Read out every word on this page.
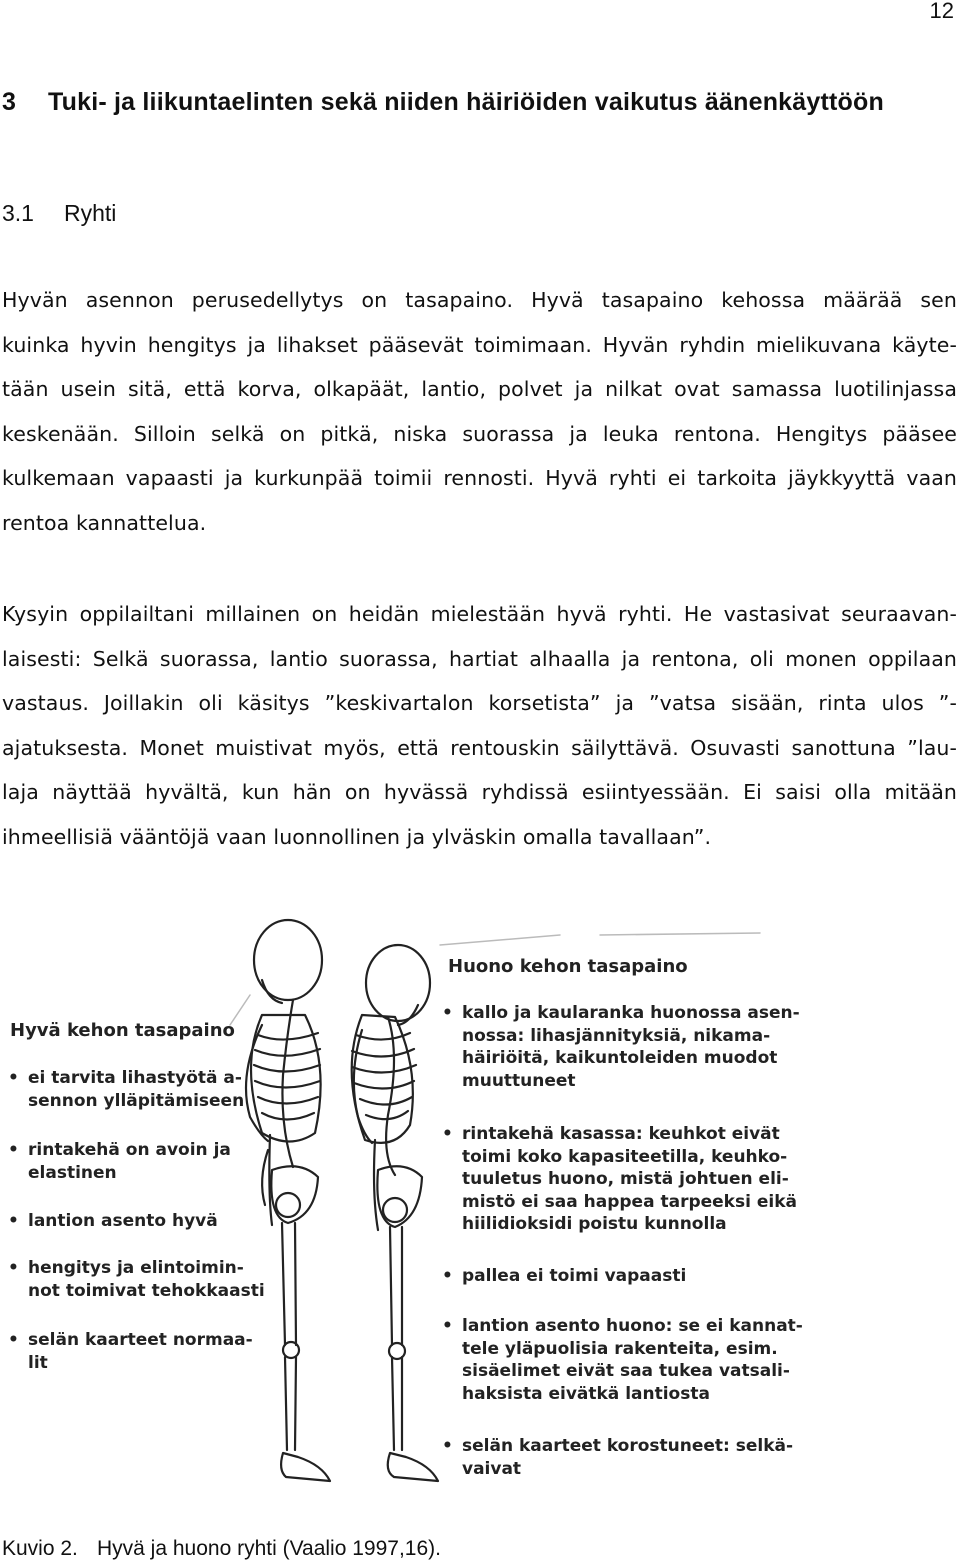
12
3 Tuki- ja liikuntaelinten sekä niiden häiriöiden vaikutus äänenkäyttöön
3.1 Ryhti
Hyvän asennon perusedellytys on tasapaino. Hyvä tasapaino kehossa määrää sen
kuinka hyvin hengitys ja lihakset pääsevät toimimaan. Hyvän ryhdin mielikuvana käyte-
tään usein sitä, että korva, olkapäät, lantio, polvet ja nilkat ovat samassa luotilinjassa
keskenään. Silloin selkä on pitkä, niska suorassa ja leuka rentona. Hengitys pääsee
kulkemaan vapaasti ja kurkunpää toimii rennosti. Hyvä ryhti ei tarkoita jäykkyyttä vaan
rentoa kannattelua.
Kysyin oppilailtani millainen on heidän mielestään hyvä ryhti. He vastasivat seuraavan-
laisesti: Selkä suorassa, lantio suorassa, hartiat alhaalla ja rentona, oli monen oppilaan
vastaus. Joillakin oli käsitys ”keskivartalon korsetista” ja ”vatsa sisään, rinta ulos ”-
ajatuksesta. Monet muistivat myös, että rentouskin säilyttävä. Osuvasti sanottuna ”lau-
laja näyttää hyvältä, kun hän on hyvässä ryhdissä esiintyessään. Ei saisi olla mitään
ihmeellisiä vääntöjä vaan luonnollinen ja ylväskin omalla tavallaan”.
Hyvä kehon tasapaino
• ei tarvita lihastyötä a-
sennon ylläpitämiseen
• rintakehä on avoin ja
elastinen
• lantion asento hyvä
• hengitys ja elintoimin-
not toimivat tehokkaasti
• selän kaarteet normaa-
lit
Huono kehon tasapaino
• kallo ja kaularanka huonossa asen-
nossa: lihasjännityksiä, nikama-
häiriöitä, kaikuntoleiden muodot
muuttuneet
• rintakehä kasassa: keuhkot eivät
toimi koko kapasiteetilla, keuhko-
tuuletus huono, mistä johtuen eli-
mistö ei saa happea tarpeeksi eikä
hiilidioksidi poistu kunnolla
• pallea ei toimi vapaasti
• lantion asento huono: se ei kannat-
tele yläpuolisia rakenteita, esim.
sisäelimet eivät saa tukea vatsali-
haksista eivätkä lantiosta
• selän kaarteet korostuneet: selkä-
vaivat
Kuvio 2. Hyvä ja huono ryhti (Vaalio 1997,16).
